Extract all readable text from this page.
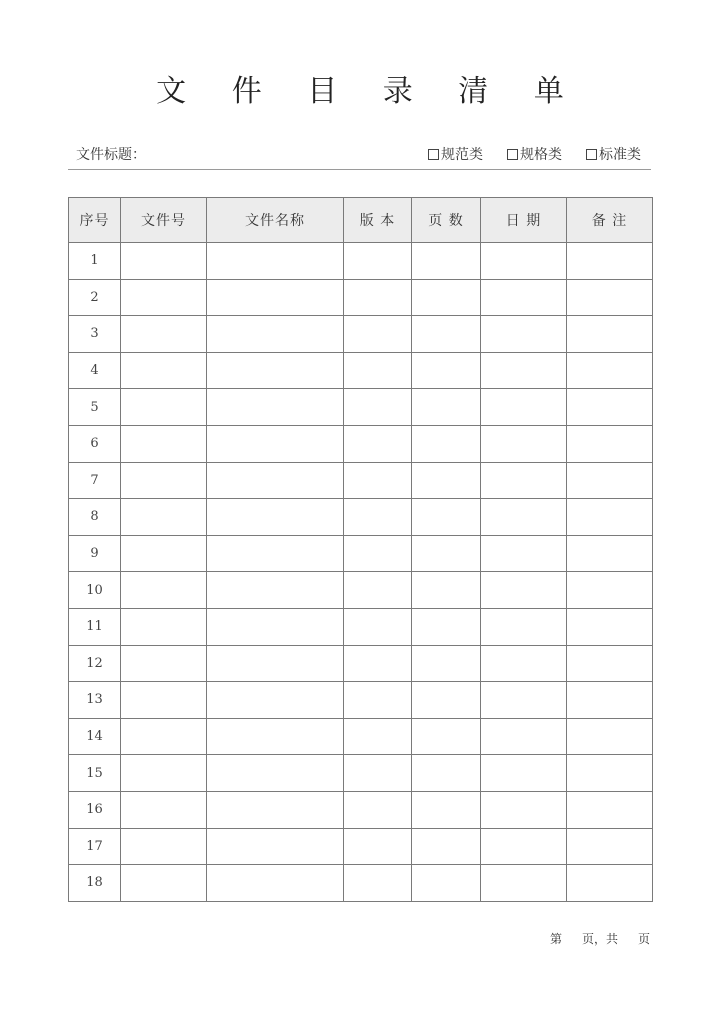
文 件 目 录 清 单
文件标题：	规范类	规格类	标准类
序号	文件号	文件名称	版 本	页 数	日 期	备 注
1						
2						
3						
4						
5						
6						
7						
8						
9						
10						
11						
12						
13						
14						
15						
16						
17						
18						
第 页，共 页
